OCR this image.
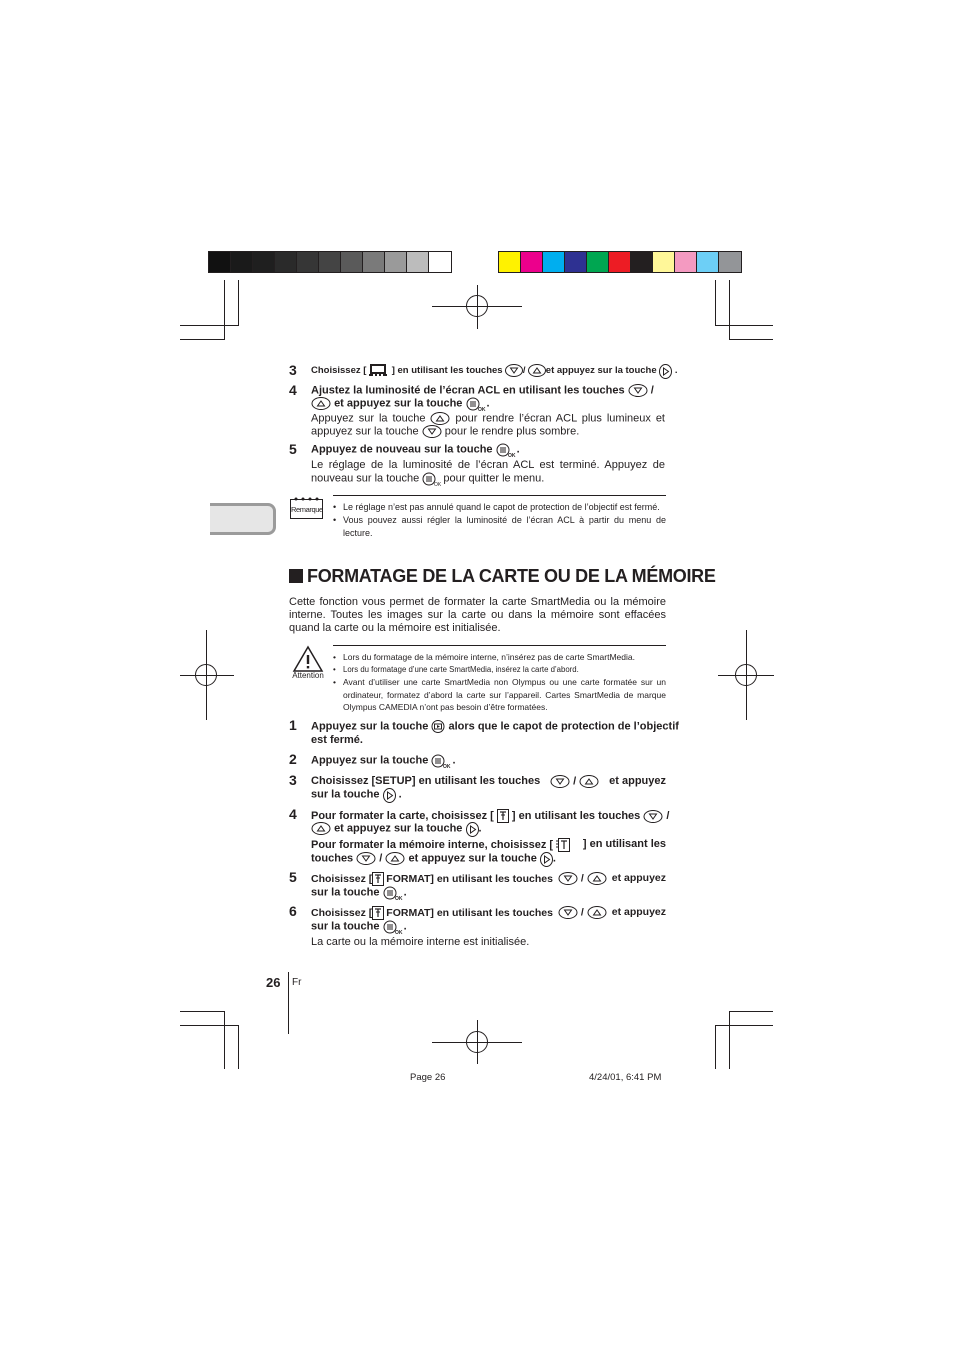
3 Choisissez [
] en utilisant les touches
/
et appuyez sur la touche
.
4 Ajustez la luminosité de l’écran ACL en utilisant les touches
/
et appuyez sur la touche
OK
.
Appuyez sur la touche
pour rendre l’écran ACL plus lumineux et appuyez sur la touche
pour le rendre plus sombre.
5 Appuyez de nouveau sur la touche
OK
.
Le réglage de la luminosité de l’écran ACL est terminé. Appuyez de nouveau sur la touche
OK
pour quitter le menu.
Remarque • Le réglage n’est pas annulé quand le capot de protection de l’objectif est fermé.
• Vous pouvez aussi régler la luminosité de l’écran ACL à partir du menu de lecture.
FORMATAGE DE LA CARTE OU DE LA MÉMOIRE
Cette fonction vous permet de formater la carte SmartMedia ou la mémoire interne. Toutes les images sur la carte ou dans la mémoire sont effacées quand la carte ou la mémoire est initialisée.
Attention
• Lors du formatage de la mémoire interne, n’insérez pas de carte SmartMedia.
• Lors du formatage d’une carte SmartMedia, insérez la carte d’abord.
• Avant d’utiliser une carte SmartMedia non Olympus ou une carte formatée sur un ordinateur, formatez d’abord la carte sur l’appareil. Cartes SmartMedia de marque Olympus CAMEDIA n’ont pas besoin d’être formatées.
1 Appuyez sur la touche alors que le capot de protection de l’objectif
est fermé.
2 Appuyez sur la touche
OK
.
3 Choisissez [SETUP] en utilisant les touches	/	et appuyez
sur la touche
.
4 Pour formater la carte, choisissez [ ] en utilisant les touches
/
et appuyez sur la touche .
Pour formater la mémoire interne, choisissez [	] en utilisant les
touches
/
et appuyez sur la touche .
5 Choisissez [ FORMAT] en utilisant les touches	/	et appuyez
sur la touche
OK
.
6 Choisissez [ FORMAT] en utilisant les touches	/	et appuyez
sur la touche
OK
.
La carte ou la mémoire interne est initialisée.
26 Fr
Page 26	4/24/01, 6:41 PM
